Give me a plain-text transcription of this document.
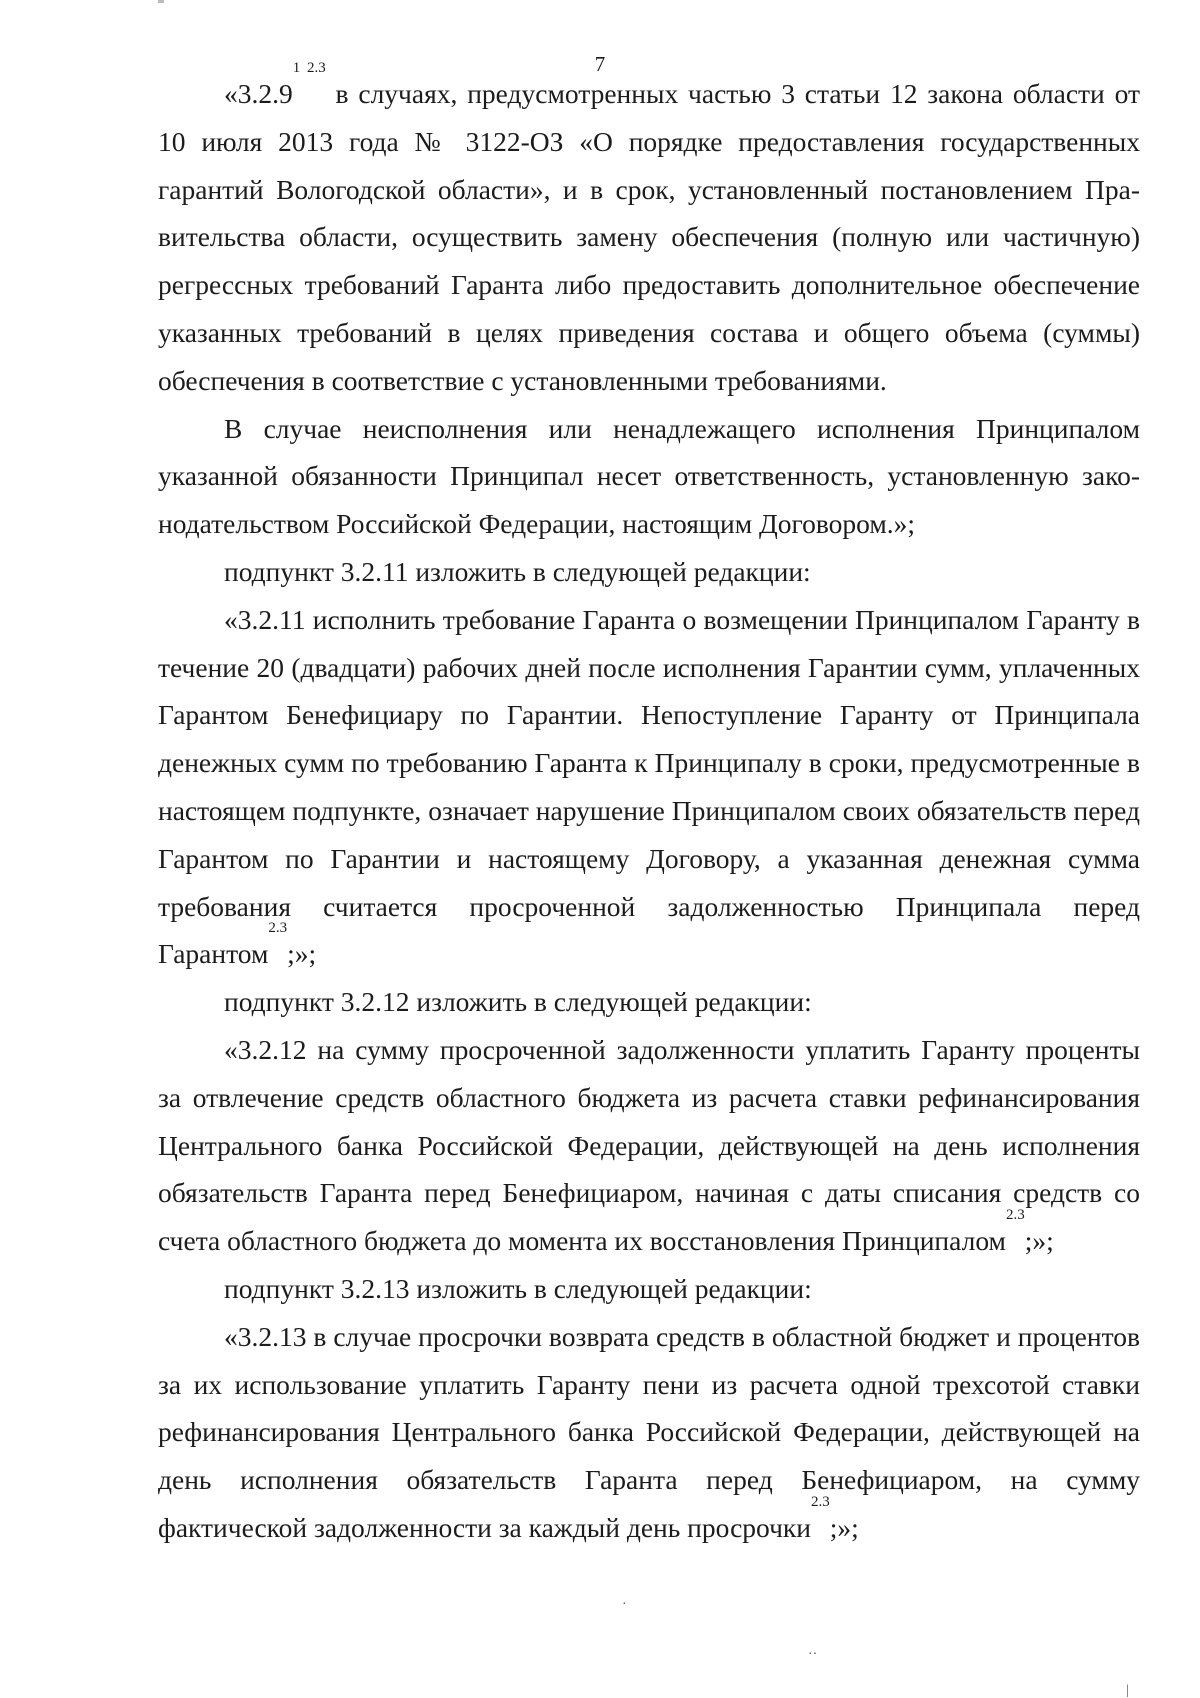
7

«$3.2.9^{1 2.3}$ в случаях, предусмотренных частью 3 статьи 12 закона области от 10 июля 2013 года № 3122-ОЗ «О порядке предоставления государственных гарантий Вологодской области», и в срок, установленный постановлением Правительства области, осуществить замену обеспечения (полную или частичную) регрессных требований Гаранта либо предоставить дополнительное обеспечение указанных требований в целях приведения состава и общего объема (суммы) обеспечения в соответствие с установленными требованиями.

В случае неисполнения или ненадлежащего исполнения Принципалом указанной обязанности Принципал несет ответственность, установленную законодательством Российской Федерации, настоящим Договором.»;

подпункт 3.2.11 изложить в следующей редакции:

«3.2.11 исполнить требование Гаранта о возмещении Принципалом Гаранту в течение 20 (двадцати) рабочих дней после исполнения Гарантии сумм, уплаченных Гарантом Бенефициару по Гарантии. Непоступление Гаранту от Принципала денежных сумм по требованию Гаранта к Принципалу в сроки, предусмотренные в настоящем подпункте, означает нарушение Принципалом своих обязательств перед Гарантом по Гарантии и настоящему Договору, а указанная денежная сумма требования считается просроченной задолженностью Принципала перед Гарантом$^{2.3}$;»;

подпункт 3.2.12 изложить в следующей редакции:

«3.2.12 на сумму просроченной задолженности уплатить Гаранту проценты за отвлечение средств областного бюджета из расчета ставки рефинансирования Центрального банка Российской Федерации, действующей на день исполнения обязательств Гаранта перед Бенефициаром, начиная с даты списания средств со счета областного бюджета до момента их восстановления Принципалом$^{2.3}$;»;

подпункт 3.2.13 изложить в следующей редакции:

«3.2.13 в случае просрочки возврата средств в областной бюджет и процентов за их использование уплатить Гаранту пени из расчета одной трехсотой ставки рефинансирования Центрального банка Российской Федерации, действующей на день исполнения обязательств Гаранта перед Бенефициаром, на сумму фактической задолженности за каждый день просрочки$^{2.3}$;»;

·
··
|
